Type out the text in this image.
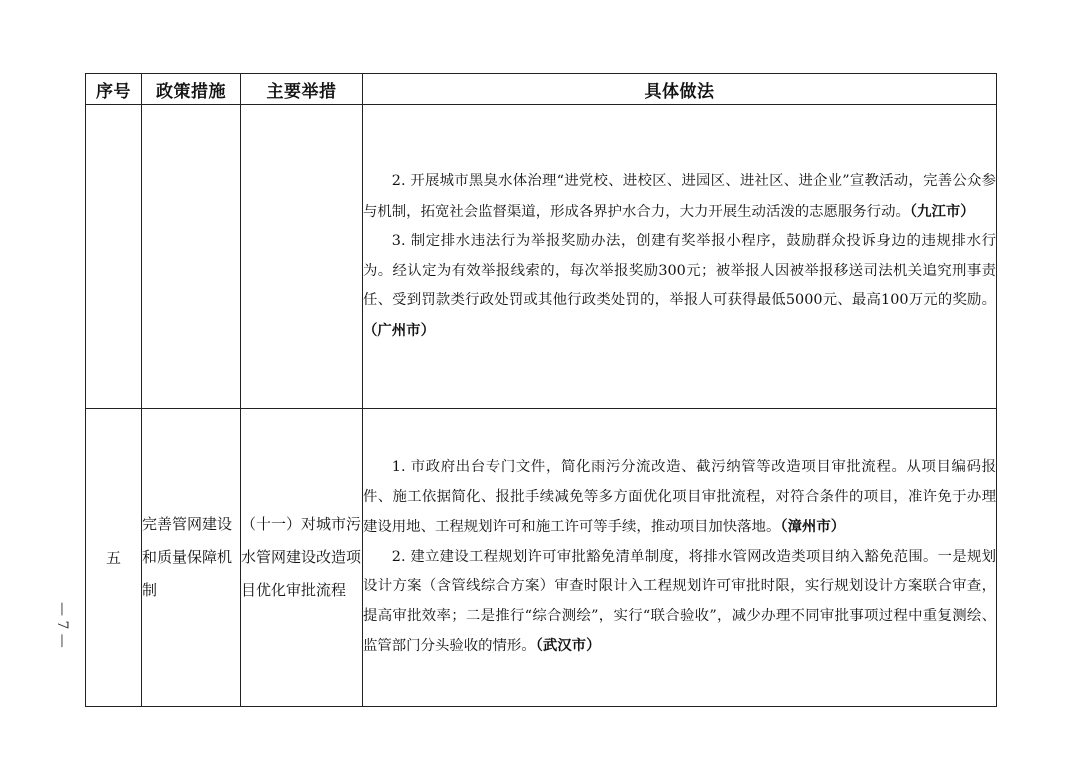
序号	政策措施	主要举措	具体做法

			2. 开展城市黑臭水体治理“进党校、进校区、进园区、进社区、进企业”宣教活动，完善公众参与机制，拓宽社会监督渠道，形成各界护水合力，大力开展生动活泼的志愿服务行动。（九江市）

3. 制定排水违法行为举报奖励办法，创建有奖举报小程序，鼓励群众投诉身边的违规排水行为。经认定为有效举报线索的，每次举报奖励300元；被举报人因被举报移送司法机关追究刑事责任、受到罚款类行政处罚或其他行政类处罚的，举报人可获得最低5000元、最高100万元的奖励。（广州市）

五	完善管网建设和质量保障机制	（十一）对城市污水管网建设改造项目优化审批流程	1. 市政府出台专门文件，简化雨污分流改造、截污纳管等改造项目审批流程。从项目编码报件、施工依据简化、报批手续减免等多方面优化项目审批流程，对符合条件的项目，准许免于办理建设用地、工程规划许可和施工许可等手续，推动项目加快落地。（漳州市）

2. 建立建设工程规划许可审批豁免清单制度，将排水管网改造类项目纳入豁免范围。一是规划设计方案（含管线综合方案）审查时限计入工程规划许可审批时限，实行规划设计方案联合审查，提高审批效率；二是推行“综合测绘”，实行“联合验收”，减少办理不同审批事项过程中重复测绘、监管部门分头验收的情形。（武汉市）

— 7 —
